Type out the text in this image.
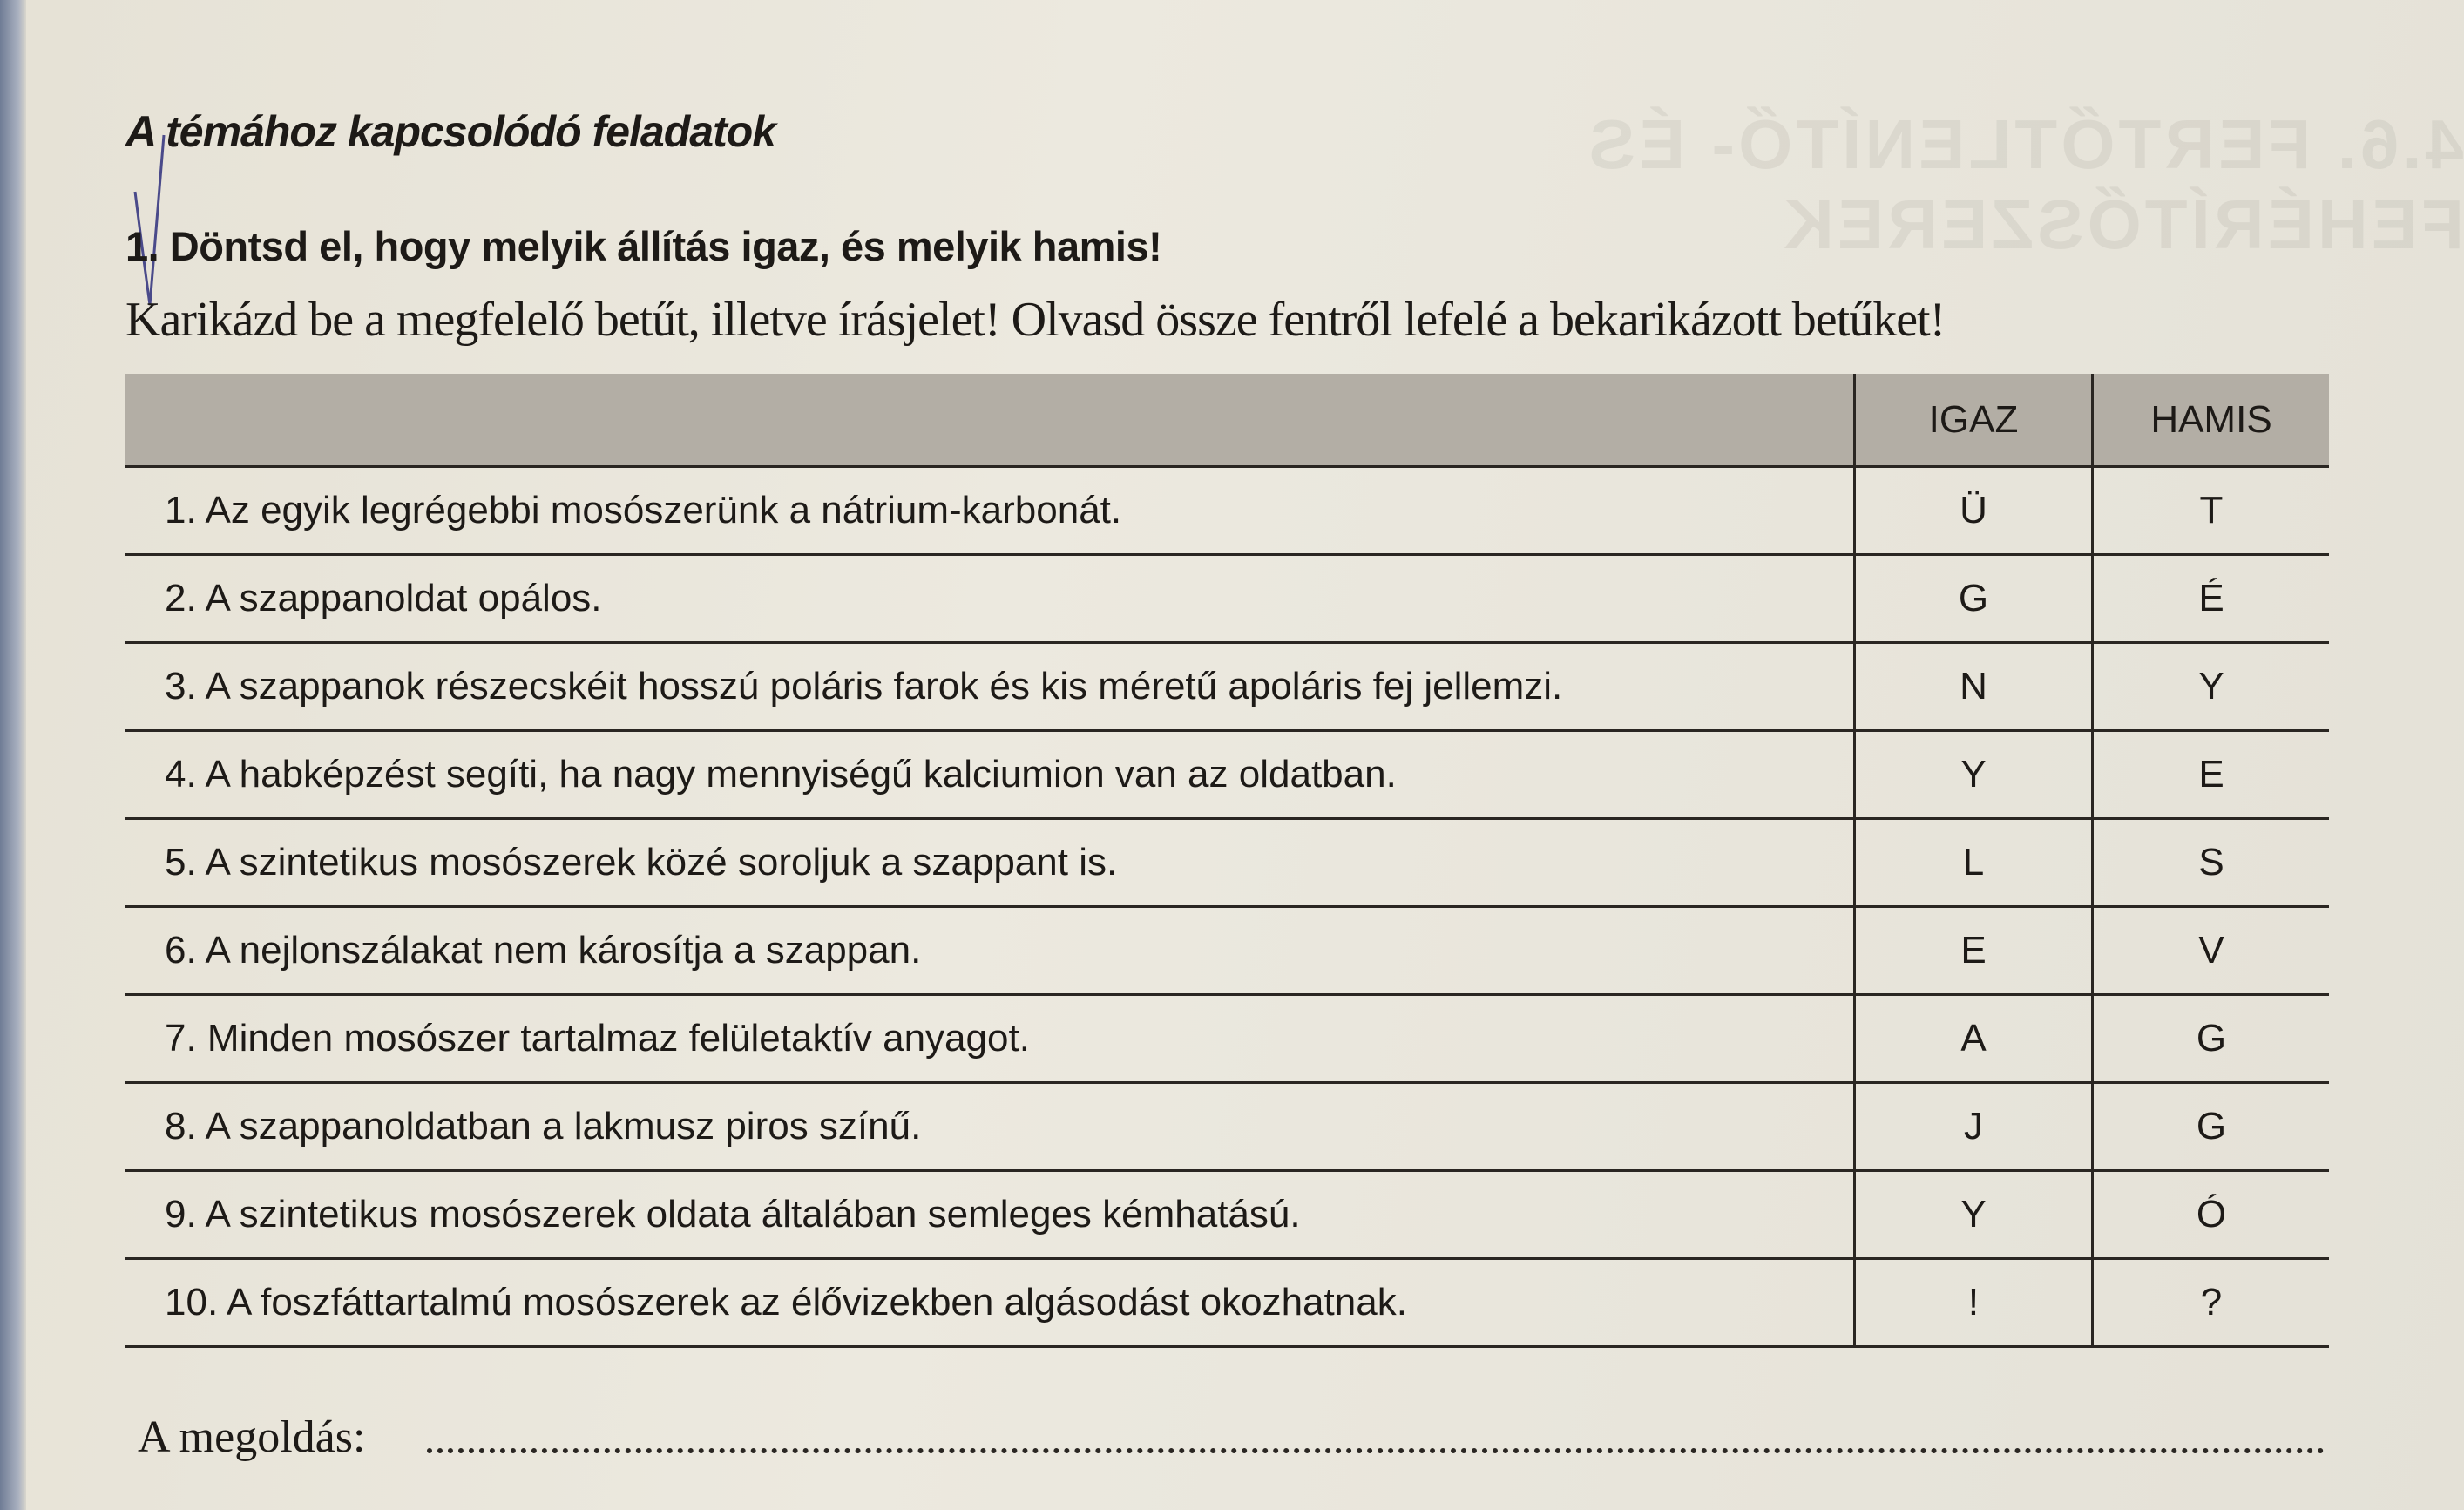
4.6. FERTŐTLENÍTŐ- ÉS FEHÉRÍTŐSZEREK
A témához kapcsolódó feladatok
1. Döntsd el, hogy melyik állítás igaz, és melyik hamis!
Karikázd be a megfelelő betűt, illetve írásjelet! Olvasd össze fentről lefelé a bekarikázott betűket!
	IGAZ	HAMIS
1. Az egyik legrégebbi mosószerünk a nátrium-karbonát.	Ü	T
2. A szappanoldat opálos.	G	É
3. A szappanok részecskéit hosszú poláris farok és kis méretű apoláris fej jellemzi.	N	Y
4. A habképzést segíti, ha nagy mennyiségű kalciumion van az oldatban.	Y	E
5. A szintetikus mosószerek közé soroljuk a szappant is.	L	S
6. A nejlonszálakat nem károsítja a szappan.	E	V
7. Minden mosószer tartalmaz felületaktív anyagot.	A	G
8. A szappanoldatban a lakmusz piros színű.	J	G
9. A szintetikus mosószerek oldata általában semleges kémhatású.	Y	Ó
10. A foszfáttartalmú mosószerek az élővizekben algásodást okozhatnak.	!	?
A megoldás:
